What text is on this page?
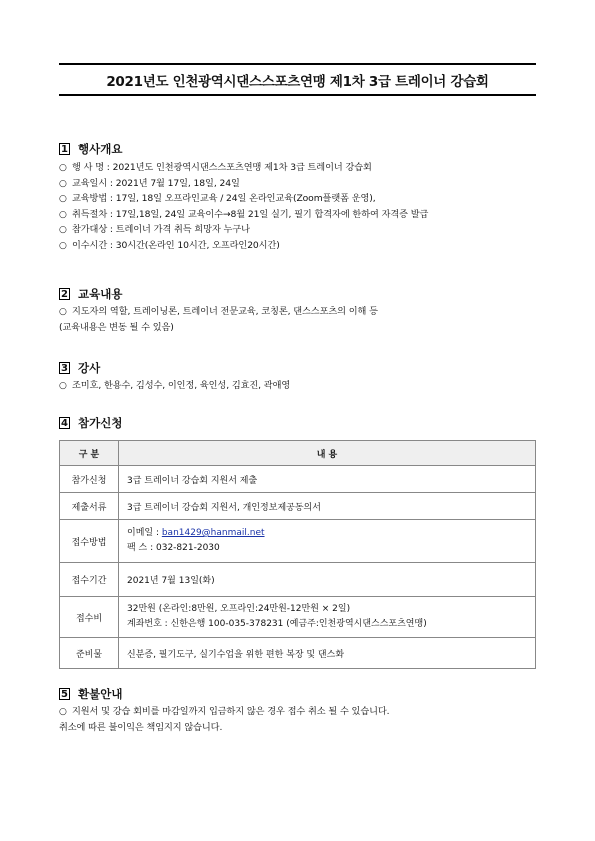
2021년도 인천광역시댄스스포츠연맹 제1차 3급 트레이너 강습회
1 행사개요
○ 행 사 명 : 2021년도 인천광역시댄스스포츠연맹 제1차 3급 트레이너 강습회
○ 교육일시 : 2021년 7월 17일, 18일, 24일
○ 교육방법 : 17일, 18일 오프라인교육 / 24일 온라인교육(Zoom플랫폼 운영),
○ 취득절차 : 17일,18일, 24일 교육이수→8월 21일 실기, 필기 합격자에 한하여 자격증 발급
○ 참가대상 : 트레이너 가격 취득 희망자 누구나
○ 이수시간 : 30시간(온라인 10시간, 오프라인20시간)
2 교육내용
○ 지도자의 역할, 트레이닝론, 트레이너 전문교육, 코칭론, 댄스스포츠의 이해 등
(교육내용은 변동 될 수 있음)
3 강사
○ 조미호, 한용수, 김성수, 이인정, 육인성, 김효진, 곽애영
4 참가신청
구 분	내 용
참가신청	3급 트레이너 강습회 지원서 제출
제출서류	3급 트레이너 강습회 지원서, 개인정보제공동의서
접수방법	이메일 : ban1429@hanmail.net
팩 스 : 032-821-2030

접수기간	2021년 7월 13일(화)
접수비	32만원 (온라인:8만원, 오프라인:24만원-12만원 × 2일)
계좌번호 : 신한은행 100-035-378231 (예금주:인천광역시댄스스포츠연맹)

준비물	신분증, 필기도구, 실기수업을 위한 편한 복장 및 댄스화
5 환불안내
○ 지원서 및 강습 회비를 마감일까지 입금하지 않은 경우 접수 취소 될 수 있습니다.
취소에 따른 불이익은 책임지지 않습니다.
